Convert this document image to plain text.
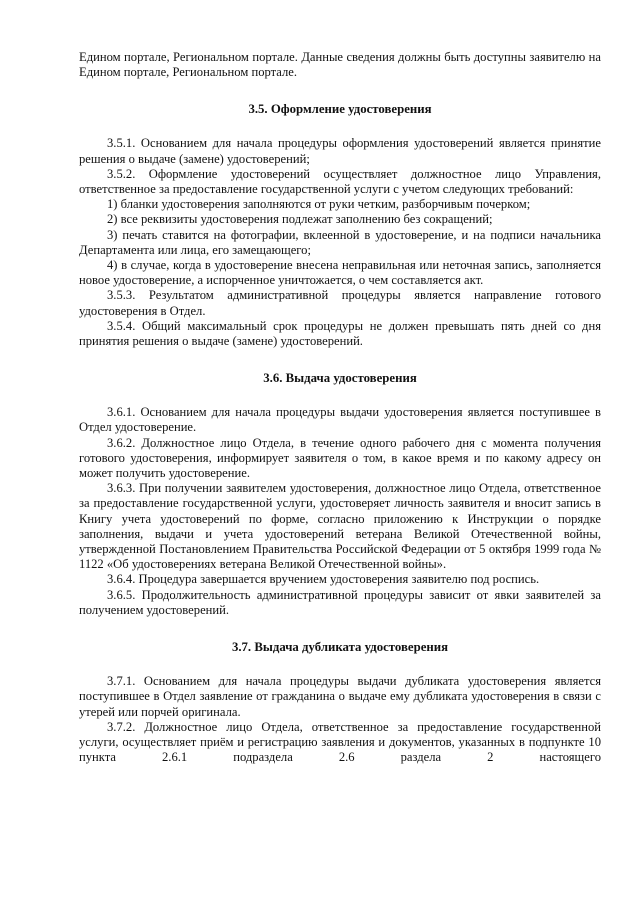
Едином портале, Региональном портале. Данные сведения должны быть доступны заявителю на Едином портале, Региональном портале.

3.5. Оформление удостоверения

3.5.1. Основанием для начала процедуры оформления удостоверений является принятие решения о выдаче (замене) удостоверений;

3.5.2. Оформление удостоверений осуществляет должностное лицо Управления, ответственное за предоставление государственной услуги с учетом следующих требований:

1) бланки удостоверения заполняются от руки четким, разборчивым почерком;

2) все реквизиты удостоверения подлежат заполнению без сокращений;

3) печать ставится на фотографии, вклеенной в удостоверение, и на подписи начальника Департамента или лица, его замещающего;

4) в случае, когда в удостоверение внесена неправильная или неточная запись, заполняется новое удостоверение, а испорченное уничтожается, о чем составляется акт.

3.5.3. Результатом административной процедуры является направление готового удостоверения в Отдел.

3.5.4. Общий максимальный срок процедуры не должен превышать пять дней со дня принятия решения о выдаче (замене) удостоверений.

3.6. Выдача удостоверения

3.6.1. Основанием для начала процедуры выдачи удостоверения является поступившее в Отдел удостоверение.

3.6.2. Должностное лицо Отдела, в течение одного рабочего дня с момента получения готового удостоверения, информирует заявителя о том, в какое время и по какому адресу он может получить удостоверение.

3.6.3. При получении заявителем удостоверения, должностное лицо Отдела, ответственное за предоставление государственной услуги, удостоверяет личность заявителя и вносит запись в Книгу учета удостоверений по форме, согласно приложению к Инструкции о порядке заполнения, выдачи и учета удостоверений ветерана Великой Отечественной войны, утвержденной Постановлением Правительства Российской Федерации от 5 октября 1999 года № 1122 «Об удостоверениях ветерана Великой Отечественной войны».

3.6.4. Процедура завершается вручением удостоверения заявителю под роспись.

3.6.5. Продолжительность административной процедуры зависит от явки заявителей за получением удостоверений.

3.7. Выдача дубликата удостоверения

3.7.1. Основанием для начала процедуры выдачи дубликата удостоверения является поступившее в Отдел заявление от гражданина о выдаче ему дубликата удостоверения в связи с утерей или порчей оригинала.

3.7.2. Должностное лицо Отдела, ответственное за предоставление государственной услуги, осуществляет приём и регистрацию заявления и документов, указанных в подпункте 10 пункта 2.6.1 подраздела 2.6 раздела 2 настоящего
